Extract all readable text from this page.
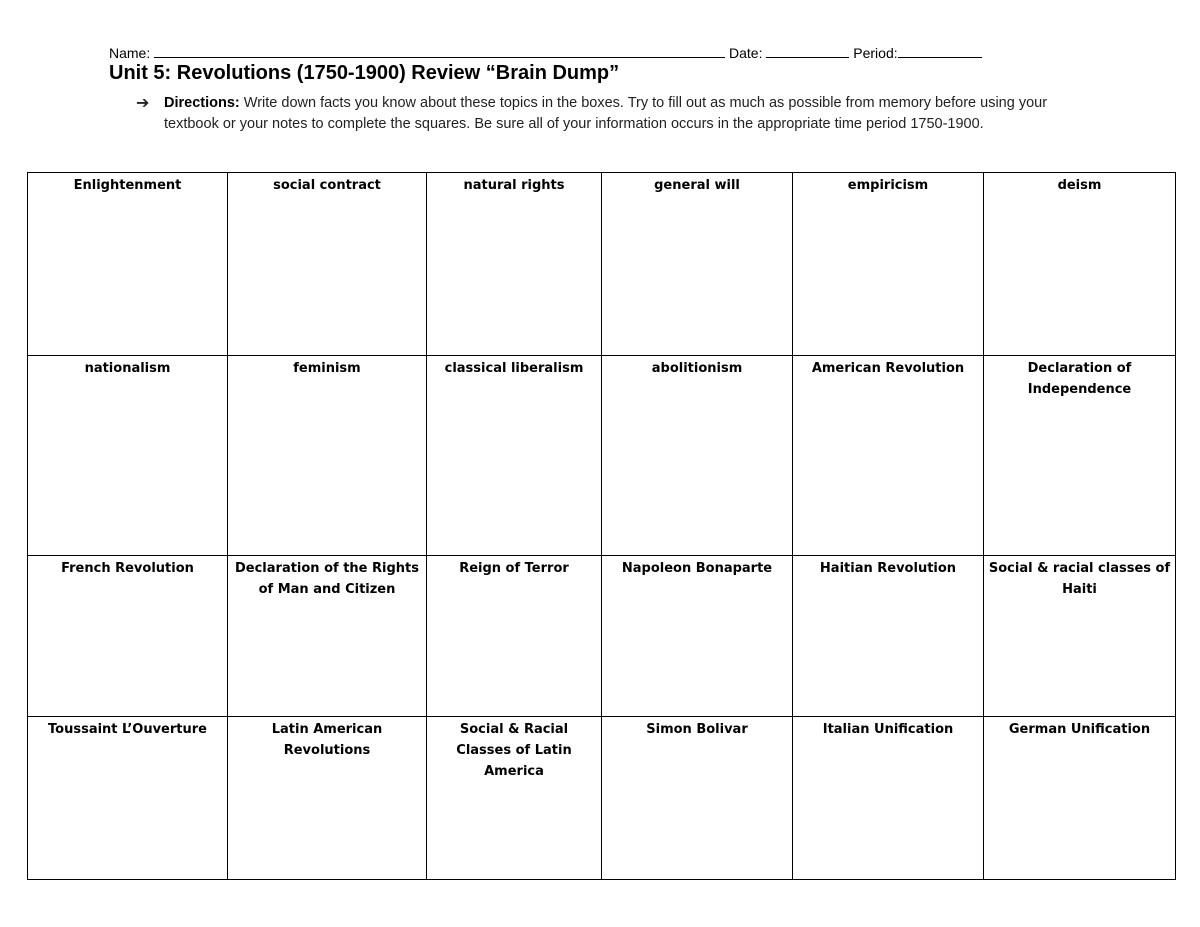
Name:	Date:	Period:
Unit 5: Revolutions (1750-1900) Review “Brain Dump”
➔ Directions: Write down facts you know about these topics in the boxes. Try to fill out as much as possible from memory before using your textbook or your notes to complete the squares. Be sure all of your information occurs in the appropriate time period 1750-1900.
Enlightenment	social contract	natural rights	general will	empiricism	deism
nationalism	feminism	classical liberalism	abolitionism	American Revolution	Declaration of Independence
French Revolution	Declaration of the Rights of Man and Citizen	Reign of Terror	Napoleon Bonaparte	Haitian Revolution	Social & racial classes of Haiti
Toussaint L’Ouverture	Latin American Revolutions	Social & Racial Classes of Latin America	Simon Bolivar	Italian Unification	German Unification
